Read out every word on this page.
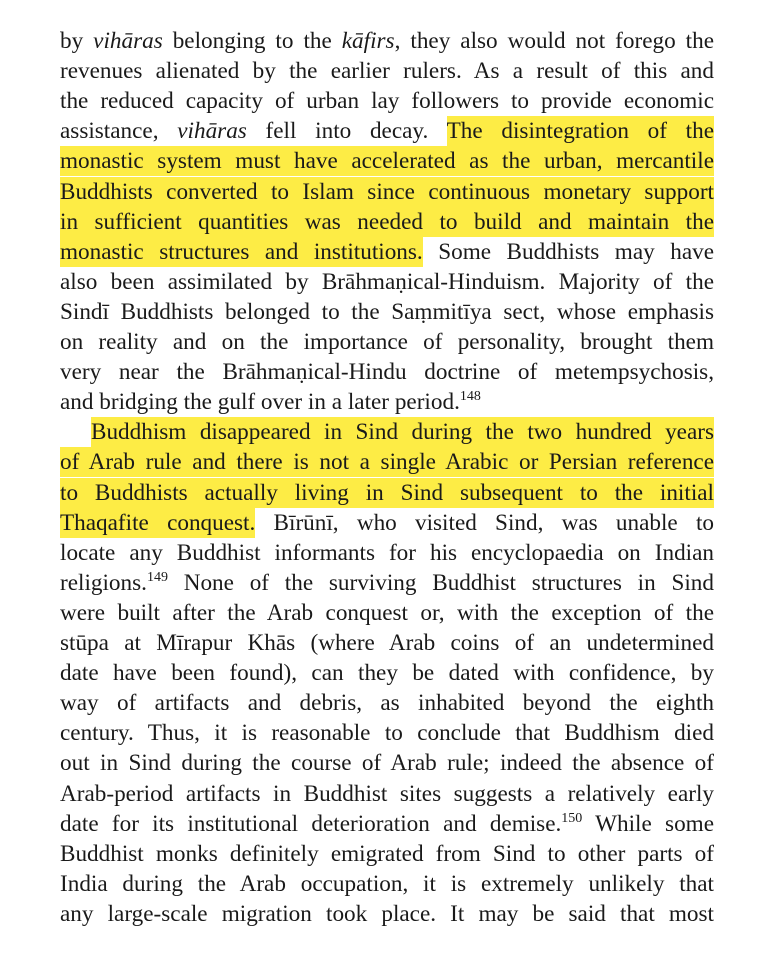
by vihāras belonging to the kāfirs, they also would not forego the
revenues alienated by the earlier rulers. As a result of this and
the reduced capacity of urban lay followers to provide economic
assistance, vihāras fell into decay. The disintegration of the
monastic system must have accelerated as the urban, mercantile
Buddhists converted to Islam since continuous monetary support
in sufficient quantities was needed to build and maintain the
monastic structures and institutions. Some Buddhists may have
also been assimilated by Brāhmaṇical-Hinduism. Majority of the
Sindī Buddhists belonged to the Saṃmitīya sect, whose emphasis
on reality and on the importance of personality, brought them
very near the Brāhmaṇical-Hindu doctrine of metempsychosis,
and bridging the gulf over in a later period.$^{148}$
Buddhism disappeared in Sind during the two hundred years
of Arab rule and there is not a single Arabic or Persian reference
to Buddhists actually living in Sind subsequent to the initial
Thaqafite conquest. Bīrūnī, who visited Sind, was unable to
locate any Buddhist informants for his encyclopaedia on Indian
religions.$^{149}$ None of the surviving Buddhist structures in Sind
were built after the Arab conquest or, with the exception of the
stūpa at Mīrapur Khās (where Arab coins of an undetermined
date have been found), can they be dated with confidence, by
way of artifacts and debris, as inhabited beyond the eighth
century. Thus, it is reasonable to conclude that Buddhism died
out in Sind during the course of Arab rule; indeed the absence of
Arab-period artifacts in Buddhist sites suggests a relatively early
date for its institutional deterioration and demise.$^{150}$ While some
Buddhist monks definitely emigrated from Sind to other parts of
India during the Arab occupation, it is extremely unlikely that
any large-scale migration took place. It may be said that most
